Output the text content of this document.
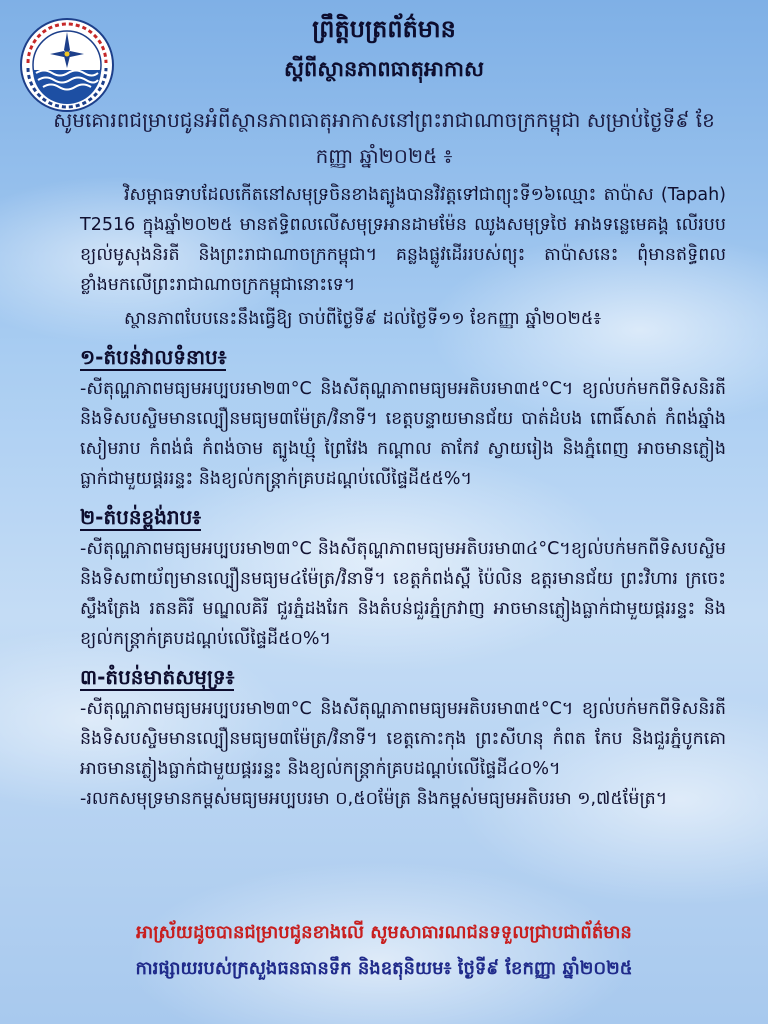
ព្រឹត្តិបត្រព័ត៌មាន
ស្ដីពីស្ថានភាពធាតុអាកាស

សូមគោរពជម្រាបជូនអំពីស្ថានភាពធាតុអាកាសនៅព្រះរាជាណាចក្រកម្ពុជា សម្រាប់ថ្ងៃទី៩ ខែកញ្ញា ឆ្នាំ២០២៥ ៖

វិសម្ពាធទាបដែលកើតនៅសមុទ្រចិនខាងត្បូងបានវិវត្តទៅជាព្យុះទី១៦ឈ្មោះ តាប៉ាស (Tapah) T2516 ក្នុងឆ្នាំ២០២៥ មានឥទ្ធិពលលើសមុទ្រអានដាមម៉ែន ឈូងសមុទ្រថៃ អាងទន្លេមេគង្គ លើរបបខ្យល់មូសុងនិរតី និងព្រះរាជាណាចក្រកម្ពុជា។ គន្លងផ្លូវដើររបស់ព្យុះ តាប៉ាសនេះ ពុំមានឥទ្ធិពលខ្លាំងមកលើព្រះរាជាណាចក្រកម្ពុជានោះទេ។

ស្ថានភាពបែបនេះនឹងធ្វើឱ្យ ចាប់ពីថ្ងៃទី៩ ដល់ថ្ងៃទី១១ ខែកញ្ញា ឆ្នាំ២០២៥៖

១-តំបន់វាលទំនាប៖

-សីតុណ្ហភាពមធ្យមអប្បបរមា២៣°C និងសីតុណ្ហភាពមធ្យមអតិបរមា៣៥°C។ ខ្យល់បក់មកពីទិសនិរតី និងទិសបស្ចិមមានល្បឿនមធ្យម៣ម៉ែត្រ/វិនាទី។ ខេត្តបន្ទាយមានជ័យ បាត់ដំបង ពោធិ៍សាត់ កំពង់ឆ្នាំង សៀមរាប កំពង់ធំ កំពង់ចាម ត្បូងឃ្មុំ ព្រៃវែង កណ្ដាល តាកែវ ស្វាយរៀង និងភ្នំពេញ អាចមានភ្លៀងធ្លាក់ជាមួយផ្គររន្ទះ និងខ្យល់កន្ត្រាក់គ្របដណ្ដប់លើផ្ទៃដី៥៥%។

២-តំបន់ខ្ពង់រាប៖

-សីតុណ្ហភាពមធ្យមអប្បបរមា២៣°C និងសីតុណ្ហភាពមធ្យមអតិបរមា៣៤°C។ខ្យល់បក់មកពីទិសបស្ចិម និងទិសពាយ័ព្យមានល្បឿនមធ្យម៤ម៉ែត្រ/វិនាទី។ ខេត្តកំពង់ស្ពឺ ប៉ៃលិន ឧត្តរមានជ័យ ព្រះវិហារ ក្រចេះ ស្ទឹងត្រែង រតនគិរី មណ្ឌលគិរី ជួរភ្នំដងរែក និងតំបន់ជួរភ្នំក្រវាញ អាចមានភ្លៀងធ្លាក់ជាមួយផ្គររន្ទះ និងខ្យល់កន្ត្រាក់គ្របដណ្ដប់លើផ្ទៃដី៥០%។

៣-តំបន់មាត់សមុទ្រ៖

-សីតុណ្ហភាពមធ្យមអប្បបរមា២៣°C និងសីតុណ្ហភាពមធ្យមអតិបរមា៣៥°C។ ខ្យល់បក់មកពីទិសនិរតី និងទិសបស្ចិមមានល្បឿនមធ្យម៣ម៉ែត្រ/វិនាទី។ ខេត្តកោះកុង ព្រះសីហនុ កំពត កែប និងជួរភ្នំបូកគោ អាចមានភ្លៀងធ្លាក់ជាមួយផ្គររន្ទះ និងខ្យល់កន្ត្រាក់គ្របដណ្ដប់លើផ្ទៃដី៤០%។

-រលកសមុទ្រមានកម្ពស់មធ្យមអប្បបរមា ០,៥០ម៉ែត្រ និងកម្ពស់មធ្យមអតិបរមា ១,៧៥ម៉ែត្រ។

អាស្រ័យដូចបានជម្រាបជូនខាងលើ សូមសាធារណជនទទួលជ្រាបជាព័ត៌មាន

ការផ្សាយរបស់ក្រសួងធនធានទឹក និងឧតុនិយម៖ ថ្ងៃទី៩ ខែកញ្ញា ឆ្នាំ២០២៥
